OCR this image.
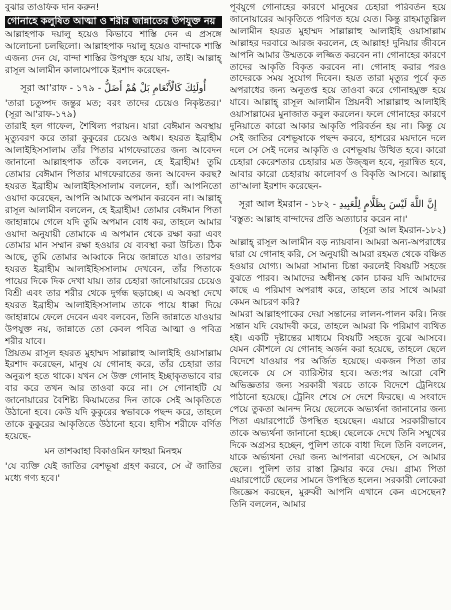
বুঝার তাওফিক দান করুন!

গোনাহে কলুষিত আত্মা ও শরীর জান্নাতের উপযুক্ত নয়

আল্লাহপাক দয়ালু হয়েও কিভাবে শাস্তি দেন এ প্রসঙ্গে আলোচনা চলছিলো। আল্লাহপাক দয়ালু হয়েও বান্দাকে শাস্তি এজন্য দেন যে, বান্দা শাস্তির উপযুক্ত হয়ে যায়, তাই। আল্লাহ্ রাসূল আলামীন কালামেপাকে ইরশাদ করেছেন-

أُولَئِكَ كَالْأَنْعَامِ بَلْ هُمْ أَضَلُّ - সূরা আ'রাফ - ১৭৯

'তারা চতুষ্পদ জন্তুর মত; বরং তাদের চেয়েও নিকৃষ্টতর।' (সূরা আ'রাফ-১৭৯)

তারাই হল গাফেল, শৈথিল্য পরায়ন। যারা বেঈমান অবস্থায় মৃত্যুবরণ করে তারা কুকুরের চেয়েও অধম। হযরত ইব্রাহীম আলাইহিসসালাম তাঁর পিতার মাগফেরাতের জন্য আবেদন জানানো আল্লাহপাক তাঁকে বললেন, হে ইব্রাহীম! তুমি তোমার বেঈমান পিতার মাগফেরাতের জন্য আবেদন করছ? হযরত ইব্রাহীম আলাইহিসসালাম বললেন, হ্যাঁ। আপনিতো ওয়াদা করেছেন, আপনি আমাকে অপমান করবেন না। আল্লাহ্ রাসূল আলামীন বললেন, হে ইব্রাহীম! তোমার বেঈমান পিতা জাহান্নামে গেলে যদি তুমি অপমান বোধ কর, তাহলে আমার ওয়াদা অনুযায়ী তোমাকে এ অপমান থেকে রক্ষা করা এবং তোমার মান সম্মান রক্ষা হওয়ার যে ব্যবস্থা করা উচিত। ঠিক আছে, তুমি তোমার আব্বাকে নিয়ে জান্নাতে যাও। তারপর হযরত ইব্রাহীম আলাইহিসসালাম দেখবেন, তাঁর পিতাকে পায়ের দিকে দিক দেখা যায়। তার চেহারা জানোয়ারের চেয়েও বিশ্রী এবং তার শরীর থেকে দুর্গন্ধ ছড়াচ্ছে। এ অবস্থা দেখে হযরত ইব্রাহীম আলাইহিসসালাম তাকে পায়ে ধাক্কা দিয়ে জাহান্নামে ফেলে দেবেন এবং বলবেন, তিনি জান্নাতে যাওয়ার উপযুক্ত নয়, জান্নাতে তো কেবল পবিত্র আত্মা ও পবিত্র শরীর যাবে।

প্রিয়তম রাসূল হযরত মুহাম্মদ সাল্লাল্লাহু আলাইহি ওয়াসাল্লাম ইরশাদ করেছেন, মানুষ যে গোনাহ করে, তাঁর চেহারা তার অনুরূপ হতে থাকে। যখন সে উক্ত গোনাহ ইচ্ছাকৃতভাবে বার বার করে তখন আর তাওবা করে না। সে গোনাহটি যে জানোয়ারের বৈশিষ্ট্য কিয়ামতের দিন তাকে সেই আকৃতিতে উঠানো হবে। কেউ যদি কুকুরের স্বভাবকে পছন্দ করে, তাহলে তাকে কুকুরের আকৃতিতে উঠানো হবে। হাদীস শরীফে বর্ণিত হয়েছে-

মন তাশব্বাহা বিকাওমিন ফাহুয়া মিনহুম

'যে ব্যক্তি যেই জাতির বেশভূষা গ্রহণ করবে, সে ঐ জাতির মধ্যে গণ্য হবে।'

পূর্বযুগে গোনাহের কারণে মানুষের চেহারা পরিবর্তন হয়ে জানোয়ারের আকৃতিতে পরিণত হয়ে যেত। কিন্তু রাহমাতুল্লিল আলামীন হযরত মুহাম্মদ সাল্লাল্লাহু আলাইহি ওয়াসাল্লাম আল্লাহর দরবারে আরজ করলেন, হে আল্লাহ! দুনিয়ার জীবনে আপনি আমার উম্মতকে লজ্জিত করবেন না। গোনাহের কারণে তাদের আকৃতি বিকৃত করবেন না। গোনাহ করার পরও তাদেরকে সময় সুযোগ দিবেন। হয়ত তারা মৃত্যুর পূর্বে কৃত অপরাধের জন্য অনুতপ্ত হয়ে তাওবা করে গোনাহমুক্ত হয়ে যাবে। আল্লাহ্ রাসূল আলামীন প্রিয়নবী সাল্লাল্লাহু আলাইহি ওয়াসাল্লামের মুনাজাত কবুল করলেন। ফলে গোনাহের কারণে দুনিয়াতে কারো আকার আকৃতি পরিবর্তন হয় না। কিন্তু যে সেই জাতির বেশভূষাকে পছন্দ করবে, হাশরের ময়দানে দলে দলে সে সেই দলের আকৃতি ও বেশভূষায় উত্থিত হবে। কারো চেহারা কেরেশতার চেহারার মত উজ্জ্বল হবে, নূরান্বিত হবে, আবার কারো চেহারায় কালোবর্ণ ও বিকৃতি আসবে। আল্লাহ্ তা'আলা ইরশাদ করেছেন-

إِنَّ اللَّهَ لَيْسَ بِظَلَّامٍ لِلْعَبِيدِ - সূরা আল ইমরান - ১৮২

'বস্তুত: আল্লাহ বান্দাদের প্রতি অত্যাচার করেন না।'

(সূরা আল ইমরান-১৮২)

আল্লাহ্ রাসূল আলামীন বড় ন্যায়বান। আমরা অন্য-অপরাধের দ্বারা যে গোনাহ করি, সে অনুযায়ী আমরা রহমত থেকে বঞ্চিত হওয়ার যোগ্য। আমরা সামান্য চিন্তা করলেই বিষয়টি সহজে বুঝতে পারব। আমাদের অধীনস্থ কোন চাকর যদি আমাদের কাছে এ পরিমাণ অপরাধ করে, তাহলে তার সাথে আমরা কেমন আচরণ করি?

আমরা আল্লাহপাকের দেয়া সন্তানের লালন-পালন করি। নিজ সন্তান যদি বেয়াদবী করে, তাহলে আমরা কি পরিমাণ ব্যথিত হই। একটি দৃষ্টান্তের মাধ্যমে বিষয়টি সহজে বুঝে আসবে। যেমন কৌশলে যে গোনাহ অর্জন করা হয়েছে, তাহলে ছেলে বিদেশে যাওয়ার পর অর্জিত হয়েছে। একজন পিতা তার ছেলেকে যে সে ব্যারিস্টার হবে। অত:পর আরো বেশি অভিজ্ঞতার জন্য সরকারী খরচে তাকে বিদেশে ট্রেনিংয়ে পাঠানো হয়েছে। ট্রেনিং শেষে সে দেশে ফিরছে। এ সংবাদে পেয়ে তুকতা আনন্দ নিয়ে ছেলেকে অভ্যর্থনা জানানোর জন্য পিতা এয়ারপোর্টে উপস্থিত হয়েছেন। এয়ারে সরকারীভাবে তাকে অভ্যর্থনা জানানো হচ্ছে। ছেলেকে দেখে তিনি সম্মুখের দিকে অগ্রসর হচ্ছেন, পুলিশ তাকে বাধা দিলে তিনি বললেন, যাকে অর্ভ্যথনা দেয়া জন্য আপনারা এসেছেন, সে আমার ছেলে। পুলিশ তার রাস্তা ক্লিয়ার করে দেয়। গ্রাম্য পিতা এয়ারপোর্টে ছেলের সামনে উপস্থিত হলেন। সরকারী লোকেরা জিজ্ঞেস করছেন, মুরুব্বী আপনি এখানে কেন এসেছেন? তিনি বললেন, আমার
